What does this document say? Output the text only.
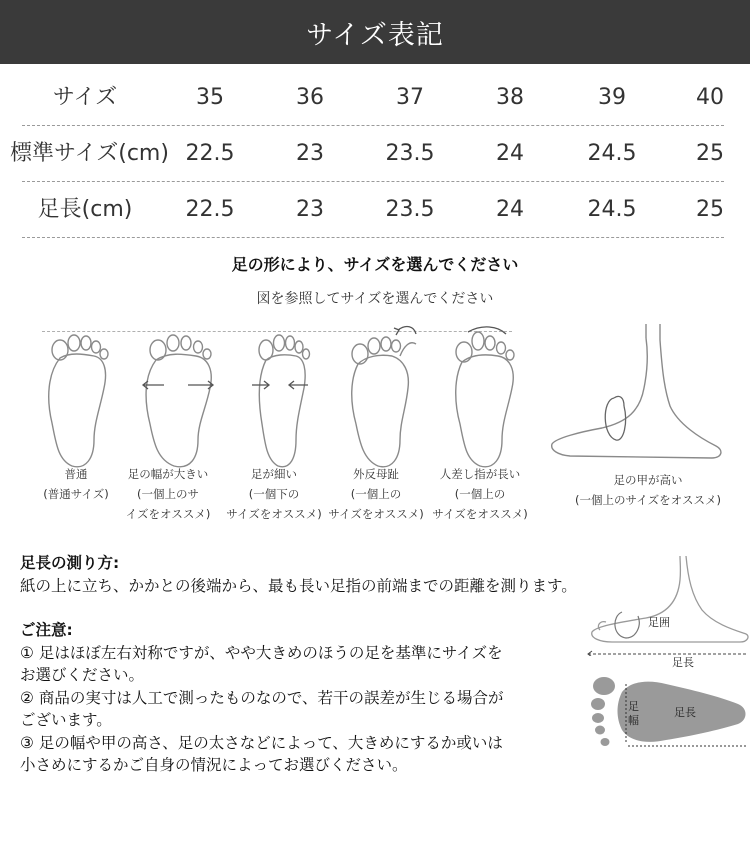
サイズ表記
サイズ	35	36	37	38	39	40
標準サイズ(cm) 22.5	23	23.5	24	24.5	25
足長(cm)	22.5	23	23.5	24	24.5	25
足の形により、サイズを選んでください
図を参照してサイズを選んでください
普通
(普通サイズ)
足の幅が大きい
(一個上のサ
イズをオススメ)
足が細い
(一個下の
サイズをオススメ)
外反母趾
(一個上の
サイズをオススメ)
人差し指が長い
(一個上の
サイズをオススメ)
足の甲が高い
(一個上のサイズをオススメ)
足長の測り方:
紙の上に立ち、かかとの後端から、最も長い足指の前端までの距離を測ります。
ご注意:
① 足はほぼ左右対称ですが、やや大きめのほうの足を基準にサイズを
お選びください。
② 商品の実寸は人工で測ったものなので、若干の誤差が生じる場合が
ございます。
③ 足の幅や甲の高さ、足の太さなどによって、大きめにするか或いは
小さめにするかご自身の情況によってお選びください。
足囲
足長
足幅
足長
